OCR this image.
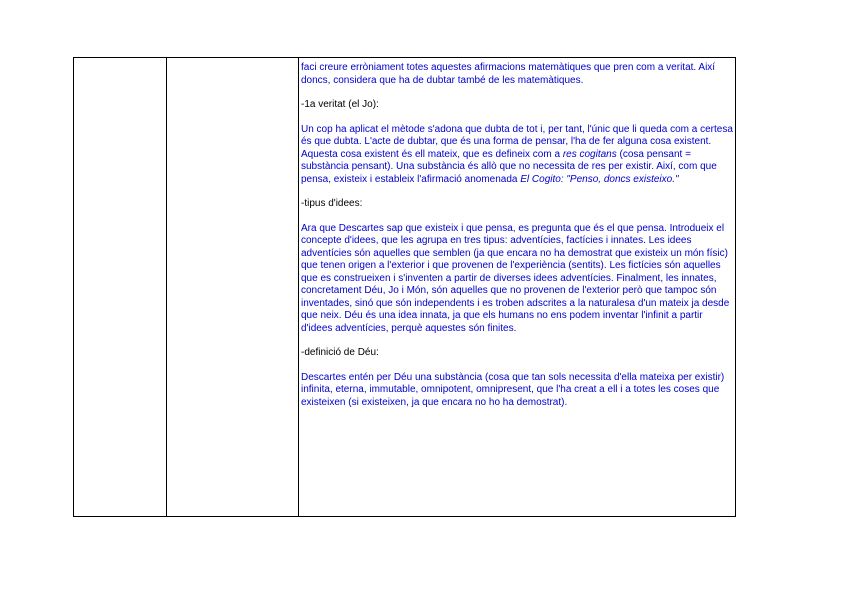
faci creure erròniament totes aquestes afirmacions matemàtiques que pren com a veritat. Així doncs, considera que ha de dubtar també de les matemàtiques.

-1a veritat (el Jo):

Un cop ha aplicat el mètode s'adona que dubta de tot i, per tant, l'únic que li queda com a certesa és que dubta. L'acte de dubtar, que és una forma de pensar, l'ha de fer alguna cosa existent. Aquesta cosa existent és ell mateix, que es defineix com a res cogitans (cosa pensant = substància pensant). Una substància és allò que no necessita de res per existir. Així, com que pensa, existeix i estableix l'afirmació anomenada El Cogito: "Penso, doncs existeixo."

-tipus d'idees:

Ara que Descartes sap que existeix i que pensa, es pregunta que és el que pensa. Introdueix el concepte d'idees, que les agrupa en tres tipus: adventícies, factícies i innates. Les idees adventícies són aquelles que semblen (ja que encara no ha demostrat que existeix un món físic) que tenen origen a l'exterior i que provenen de l'experiència (sentits). Les fictícies són aquelles que es construeixen i s'inventen a partir de diverses idees adventícies. Finalment, les innates, concretament Déu, Jo i Món, són aquelles que no provenen de l'exterior però que tampoc són inventades, sinó que són independents i es troben adscrites a la naturalesa d'un mateix ja desde que neix. Déu és una idea innata, ja que els humans no ens podem inventar l'infinit a partir d'idees adventícies, perquè aquestes són finites.

-definició de Déu:

Descartes entén per Déu una substància (cosa que tan sols necessita d'ella mateixa per existir) infinita, eterna, immutable, omnipotent, omnipresent, que l'ha creat a ell i a totes les coses que existeixen (si existeixen, ja que encara no ho ha demostrat).
